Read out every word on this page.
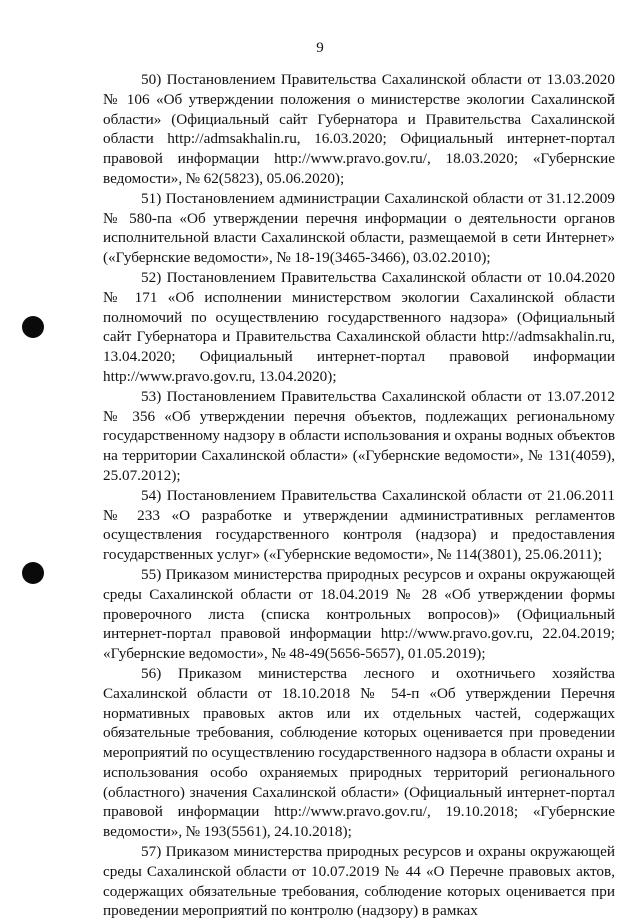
9

50) Постановлением Правительства Сахалинской области от 13.03.2020 № 106 «Об утверждении положения о министерстве экологии Сахалинской области» (Официальный сайт Губернатора и Правительства Сахалинской области http://admsakhalin.ru, 16.03.2020; Официальный интернет-портал правовой информации http://www.pravo.gov.ru/, 18.03.2020; «Губернские ведомости», № 62(5823), 05.06.2020);

51) Постановлением администрации Сахалинской области от 31.12.2009 № 580-па «Об утверждении перечня информации о деятельности органов исполнительной власти Сахалинской области, размещаемой в сети Интернет» («Губернские ведомости», № 18-19(3465-3466), 03.02.2010);

52) Постановлением Правительства Сахалинской области от 10.04.2020 № 171 «Об исполнении министерством экологии Сахалинской области полномочий по осуществлению государственного надзора» (Официальный сайт Губернатора и Правительства Сахалинской области http://admsakhalin.ru, 13.04.2020; Официальный интернет-портал правовой информации http://www.pravo.gov.ru, 13.04.2020);

53) Постановлением Правительства Сахалинской области от 13.07.2012 № 356 «Об утверждении перечня объектов, подлежащих региональному государственному надзору в области использования и охраны водных объектов на территории Сахалинской области» («Губернские ведомости», № 131(4059), 25.07.2012);

54) Постановлением Правительства Сахалинской области от 21.06.2011 № 233 «О разработке и утверждении административных регламентов осуществления государственного контроля (надзора) и предоставления государственных услуг» («Губернские ведомости», № 114(3801), 25.06.2011);

55) Приказом министерства природных ресурсов и охраны окружающей среды Сахалинской области от 18.04.2019 № 28 «Об утверждении формы проверочного листа (списка контрольных вопросов)» (Официальный интернет-портал правовой информации http://www.pravo.gov.ru, 22.04.2019; «Губернские ведомости», № 48-49(5656-5657), 01.05.2019);

56) Приказом министерства лесного и охотничьего хозяйства Сахалинской области от 18.10.2018 № 54-п «Об утверждении Перечня нормативных правовых актов или их отдельных частей, содержащих обязательные требования, соблюдение которых оценивается при проведении мероприятий по осуществлению государственного надзора в области охраны и использования особо охраняемых природных территорий регионального (областного) значения Сахалинской области» (Официальный интернет-портал правовой информации http://www.pravo.gov.ru/, 19.10.2018; «Губернские ведомости», № 193(5561), 24.10.2018);

57) Приказом министерства природных ресурсов и охраны окружающей среды Сахалинской области от 10.07.2019 № 44 «О Перечне правовых актов, содержащих обязательные требования, соблюдение которых оценивается при проведении мероприятий по контролю (надзору) в рамках
